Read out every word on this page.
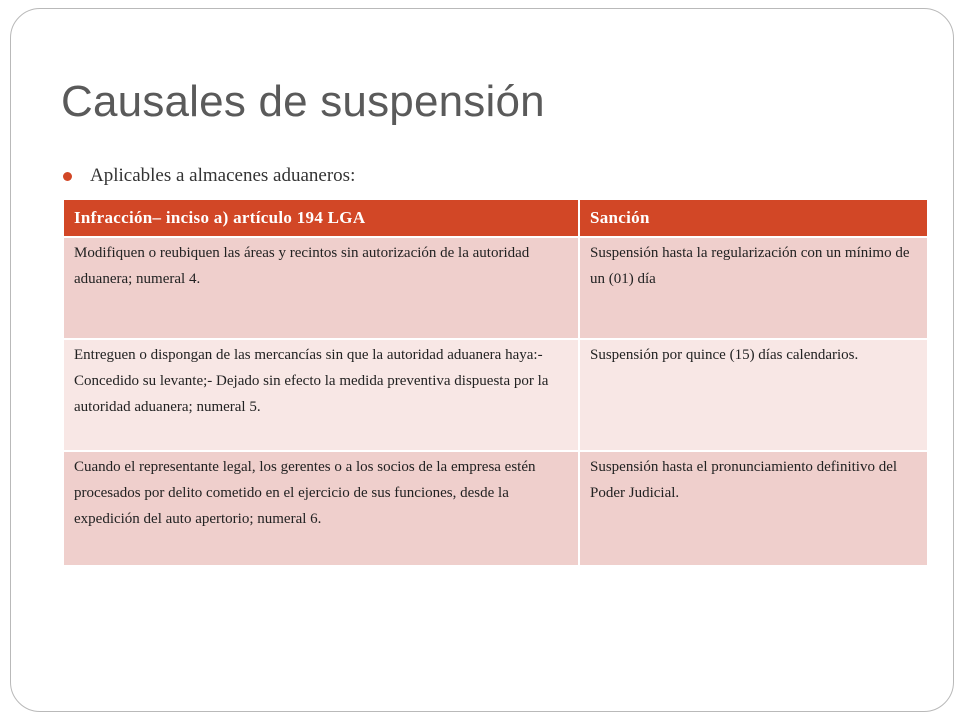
Causales de suspensión
Aplicables a almacenes aduaneros:
Infracción– inciso a) artículo 194 LGA	Sanción
Modifiquen o reubiquen las áreas y recintos sin autorización de la autoridad aduanera; numeral 4.	Suspensión hasta la regularización con un mínimo de un (01) día
Entreguen o dispongan de las mercancías sin que la autoridad aduanera haya:- Concedido su levante;- Dejado sin efecto la medida preventiva dispuesta por la autoridad aduanera; numeral 5.	Suspensión por quince (15) días calendarios.
Cuando el representante legal, los gerentes o a los socios de la empresa estén procesados por delito cometido en el ejercicio de sus funciones, desde la expedición del auto apertorio; numeral 6.	Suspensión hasta el pronunciamiento definitivo del Poder Judicial.
